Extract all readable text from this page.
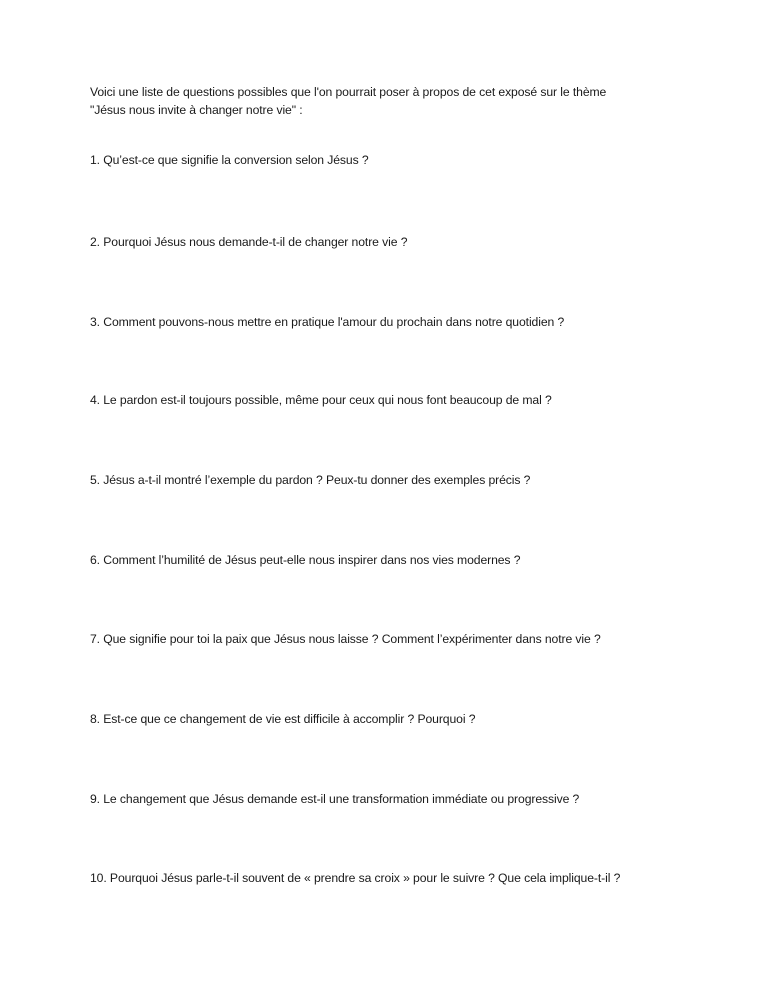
Voici une liste de questions possibles que l'on pourrait poser à propos de cet exposé sur le thème
"Jésus nous invite à changer notre vie" :
1. Qu’est-ce que signifie la conversion selon Jésus ?
2. Pourquoi Jésus nous demande-t-il de changer notre vie ?
3. Comment pouvons-nous mettre en pratique l'amour du prochain dans notre quotidien ?
4. Le pardon est-il toujours possible, même pour ceux qui nous font beaucoup de mal ?
5. Jésus a-t-il montré l’exemple du pardon ? Peux-tu donner des exemples précis ?
6. Comment l’humilité de Jésus peut-elle nous inspirer dans nos vies modernes ?
7. Que signifie pour toi la paix que Jésus nous laisse ? Comment l’expérimenter dans notre vie ?
8. Est-ce que ce changement de vie est difficile à accomplir ? Pourquoi ?
9. Le changement que Jésus demande est-il une transformation immédiate ou progressive ?
10. Pourquoi Jésus parle-t-il souvent de « prendre sa croix » pour le suivre ? Que cela implique-t-il ?
